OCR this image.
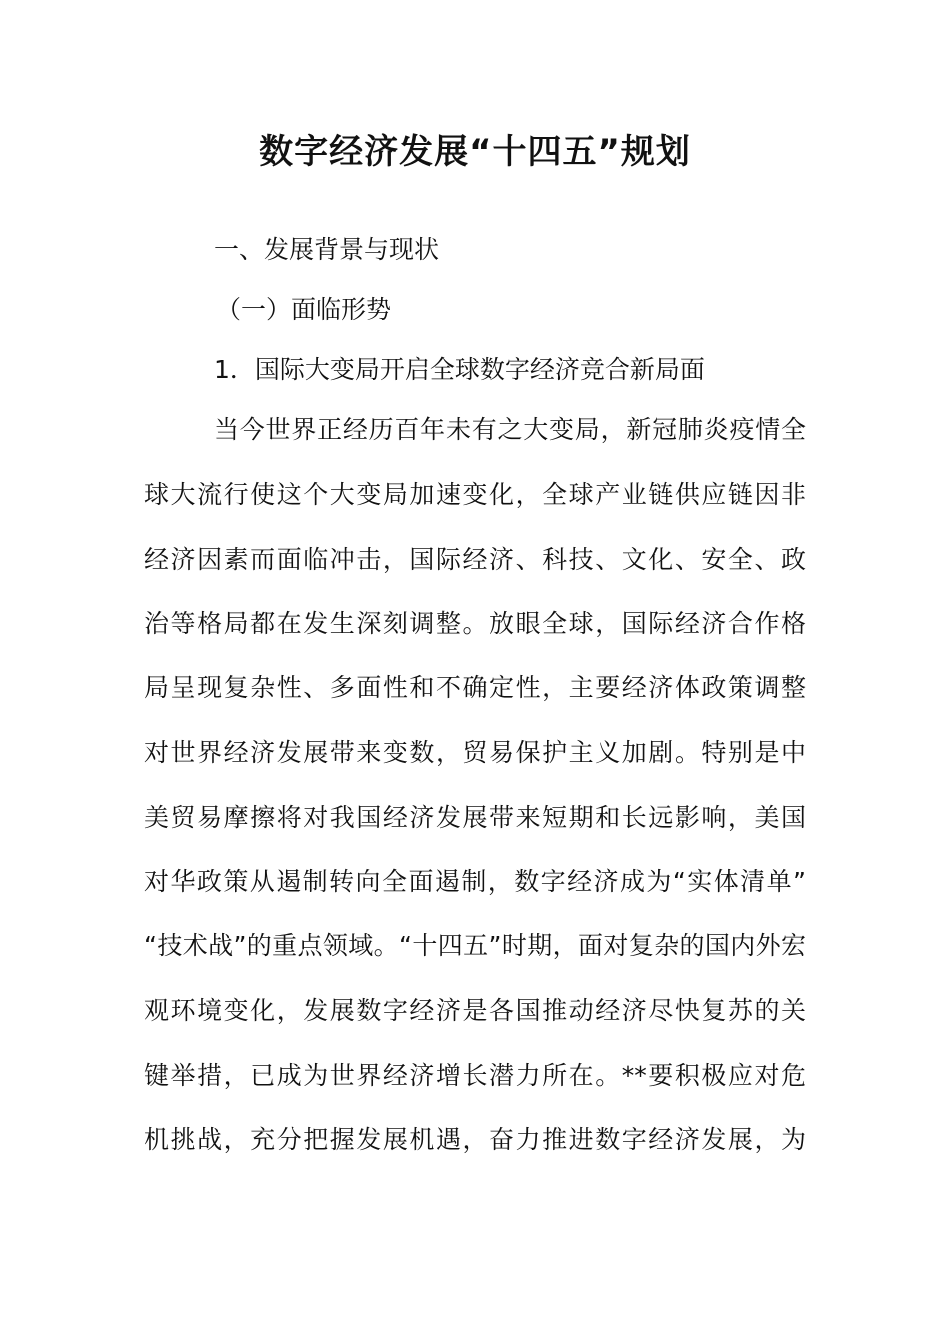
数字经济发展“十四五”规划
一、发展背景与现状
（一）面临形势
1．国际大变局开启全球数字经济竞合新局面
当今世界正经历百年未有之大变局，新冠肺炎疫情全
球大流行使这个大变局加速变化，全球产业链供应链因非
经济因素而面临冲击，国际经济、科技、文化、安全、政
治等格局都在发生深刻调整。放眼全球，国际经济合作格
局呈现复杂性、多面性和不确定性，主要经济体政策调整
对世界经济发展带来变数，贸易保护主义加剧。特别是中
美贸易摩擦将对我国经济发展带来短期和长远影响，美国
对华政策从遏制转向全面遏制，数字经济成为“实体清单”
“技术战”的重点领域。“十四五”时期，面对复杂的国内外宏
观环境变化，发展数字经济是各国推动经济尽快复苏的关
键举措，已成为世界经济增长潜力所在。**要积极应对危
机挑战，充分把握发展机遇，奋力推进数字经济发展，为
